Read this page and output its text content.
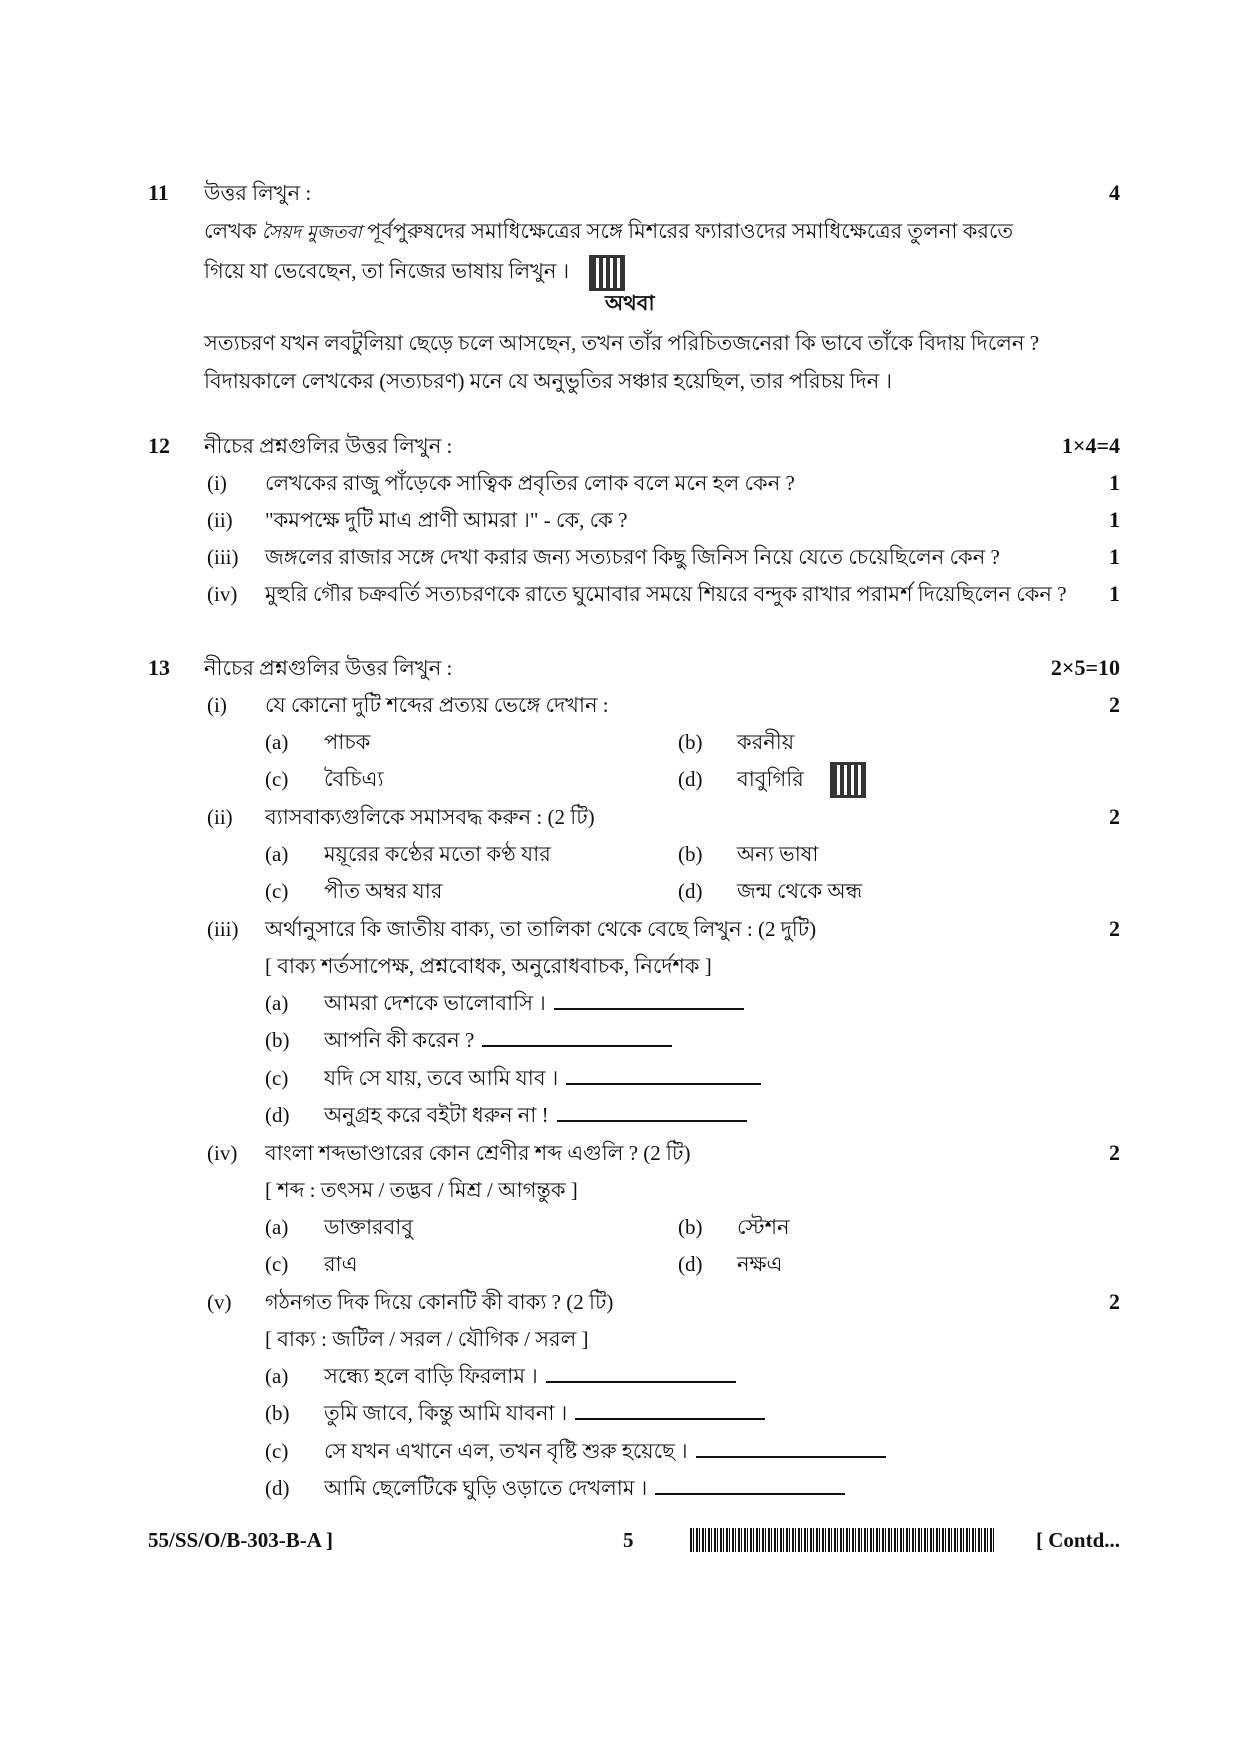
11 উত্তর লিখুন :	4
লেখক সৈয়দ মুজতবা পূর্বপুরুষদের সমাধিক্ষেত্রের সঙ্গে মিশরের ফ্যারাওদের সমাধিক্ষেত্রের তুলনা করতে
গিয়ে যা ভেবেছেন, তা নিজের ভাষায় লিখুন ।
অথবা
সত্যচরণ যখন লবটুলিয়া ছেড়ে চলে আসছেন, তখন তাঁর পরিচিতজনেরা কি ভাবে তাঁকে বিদায় দিলেন ?
বিদায়কালে লেখকের (সত্যচরণ) মনে যে অনুভুতির সঞ্চার হয়েছিল, তার পরিচয় দিন ।
12 নীচের প্রশ্নগুলির উত্তর লিখুন :	1×4=4
(i) লেখকের রাজু পাঁড়েকে সাত্বিক প্রবৃতির লোক বলে মনে হল কেন ?	1
(ii) "কমপক্ষে দুটি মাএ প্রাণী আমরা ।" - কে, কে ?	1
(iii) জঙ্গলের রাজার সঙ্গে দেখা করার জন্য সত্যচরণ কিছু জিনিস নিয়ে যেতে চেয়েছিলেন কেন ?	1
(iv) মুহুরি গৌর চক্রবর্তি সত্যচরণকে রাতে ঘুমোবার সময়ে শিয়রে বন্দুক রাখার পরামর্শ দিয়েছিলেন কেন ? 1
13 নীচের প্রশ্নগুলির উত্তর লিখুন :	2×5=10
(i) যে কোনো দুটি শব্দের প্রত্যয় ভেঙ্গে দেখান :	2
(a) পাচক	(b) করনীয়
(c) বৈচিএ্য	(d) বাবুগিরি
(ii) ব্যাসবাক্যগুলিকে সমাসবদ্ধ করুন : (2 টি)	2
(a) ময়ূরের কণ্ঠের মতো কণ্ঠ যার	(b) অন্য ভাষা
(c) পীত অম্বর যার	(d) জন্ম থেকে অন্ধ
(iii) অর্থানুসারে কি জাতীয় বাক্য, তা তালিকা থেকে বেছে লিখুন : (2 দুটি)	2
[ বাক্য শর্তসাপেক্ষ, প্রশ্নবোধক, অনুরোধবাচক, নির্দেশক ]
(a) আমরা দেশকে ভালোবাসি ।
(b) আপনি কী করেন ?
(c) যদি সে যায়, তবে আমি যাব ।
(d) অনুগ্রহ করে বইটা ধরুন না !
(iv) বাংলা শব্দভাণ্ডারের কোন শ্রেণীর শব্দ এগুলি ? (2 টি)	2
[ শব্দ : তৎসম / তদ্ভব / মিশ্র / আগন্তুক ]
(a) ডাক্তারবাবু	(b) স্টেশন
(c) রাএ	(d) নক্ষএ
(v) গঠনগত দিক দিয়ে কোনটি কী বাক্য ? (2 টি)	2
[ বাক্য : জটিল / সরল / যৌগিক / সরল ]
(a) সন্ধ্যে হলে বাড়ি ফিরলাম ।
(b) তুমি জাবে, কিন্তু আমি যাবনা ।
(c) সে যখন এখানে এল, তখন বৃষ্টি শুরু হয়েছে ।
(d) আমি ছেলেটিকে ঘুড়ি ওড়াতে দেখলাম ।
55/SS/O/B-303-B-A ]	5	[ Contd...
